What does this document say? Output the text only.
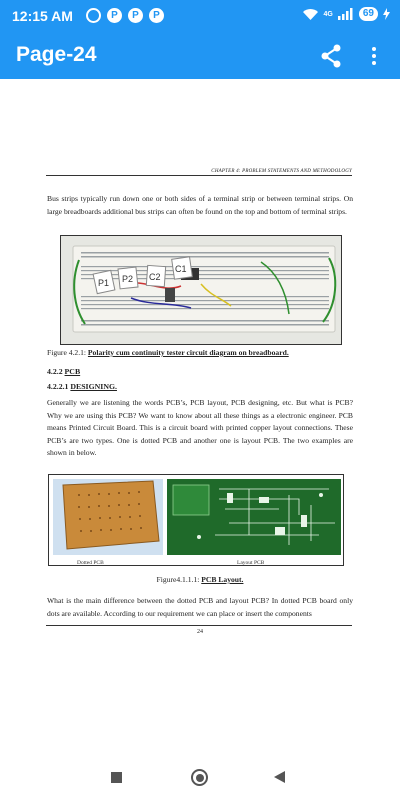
12:15 AM	P	P	P	4G	69
Page-24
CHAPTER 4: PROBLEM STATEMENTS AND METHODOLOGY

Bus strips typically run down one or both sides of a terminal strip or between terminal strips. On large breadboards additional bus strips can often be found on the top and bottom of terminal strips.

P1 P2 C2
C1
Figure 4.2.1: Polarity cum continuity tester circuit diagram on breadboard.
4.2.2 PCB
4.2.2.1 DESIGNING.

Generally we are listening the words PCB’s, PCB layout, PCB designing, etc. But what is PCB? Why we are using this PCB? We want to know about all these things as a electronic engineer. PCB means Printed Circuit Board. This is a circuit board with printed copper layout connections. These PCB’s are two types. One is dotted PCB and another one is layout PCB. The two examples are shown in below.

Dotted PCB	Layout PCB
Figure4.1.1.1: PCB Layout.

What is the main difference between the dotted PCB and layout PCB? In dotted PCB board only dots are available. According to our requirement we can place or insert the components

24
